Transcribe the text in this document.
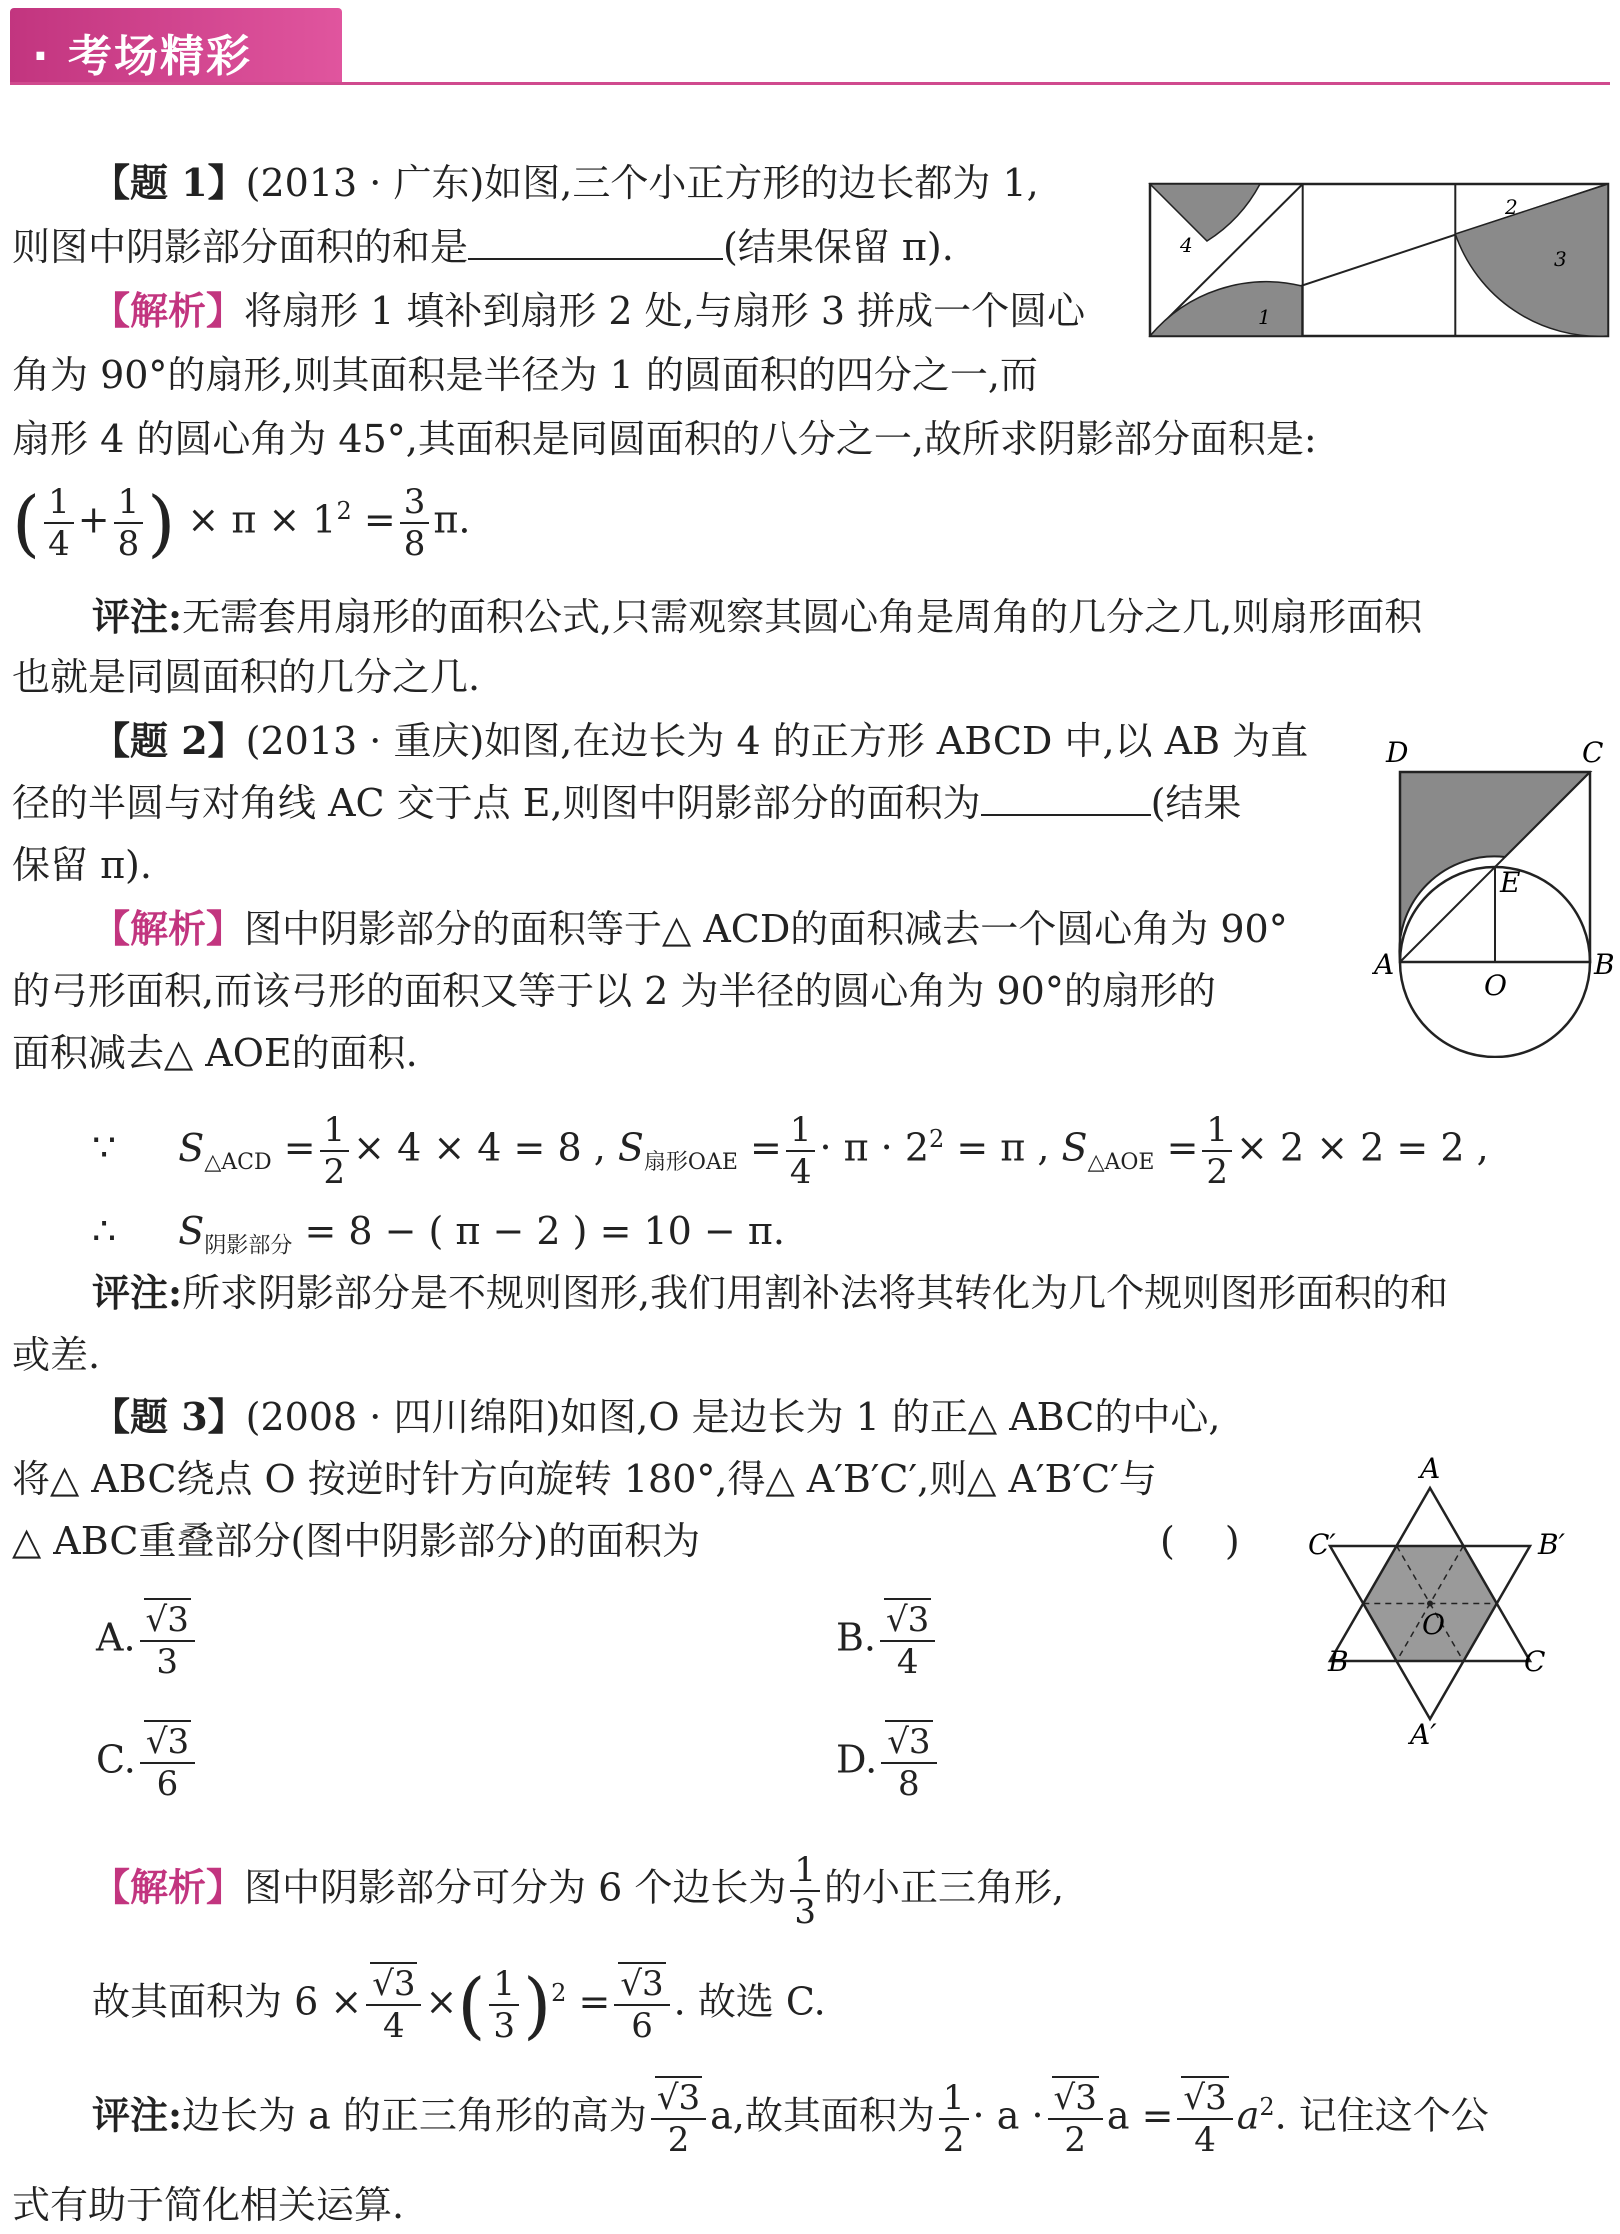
· 考场精彩
【题 1】(2013 · 广东)如图,三个小正方形的边长都为 1,
则图中阴影部分面积的和是	(结果保留 π).
【解析】将扇形 1 填补到扇形 2 处,与扇形 3 拼成一个圆心
角为 90°的扇形,则其面积是半径为 1 的圆面积的四分之一,而
扇形 4 的圆心角为 45°,其面积是同圆面积的八分之一,故所求阴影部分面积是:
( $\frac{1}{4} + \frac{1}{8}$ ) × $\pi \times 1^2 = \frac{3}{8} \pi$.
评注:无需套用扇形的面积公式,只需观察其圆心角是周角的几分之几,则扇形面积
也就是同圆面积的几分之几.
4
1
2
3
【题 2】(2013 · 重庆)如图,在边长为 4 的正方形 ABCD 中,以 AB 为直
径的半圆与对角线 AC 交于点 E,则图中阴影部分的面积为	(结果
保留 π).
【解析】图中阴影部分的面积等于△ ACD的面积减去一个圆心角为 90°
的弓形面积,而该弓形的面积又等于以 2 为半径的圆心角为 90°的扇形的
面积减去△ AOE的面积.
∵ $S_{\triangle ACD} = \frac{1}{2} \times 4 \times 4 = 8$ , $S_{扇形OAE} = \frac{1}{4} \cdot \pi \cdot 2^2 = \pi$ , $S_{\triangle AOE} = \frac{1}{2} \times 2 \times 2 = 2$ ,
∴ $S_{阴影部分} = 8$ − ( π − 2 ) = 10 − π.
评注:所求阴影部分是不规则图形,我们用割补法将其转化为几个规则图形面积的和
或差.
D	C
A	B
E
O
【题 3】(2008 · 四川绵阳)如图,O 是边长为 1 的正△ ABC的中心,
将△ ABC绕点 O 按逆时针方向旋转 180°,得△ A′B′C′,则△ A′B′C′与
△ ABC重叠部分(图中阴影部分)的面积为	(　 )
A. $\frac{√3}{3}$	B. $\frac{√3}{4}$
C. $\frac{√3}{6}$	D. $\frac{√3}{8}$
【解析】图中阴影部分可分为 6 个边长为 $\frac{1}{3}$ 的小正三角形,
故其面积为 $6 \times \frac{√3}{4}$ ×( $\frac{1}{3} )^2 = \frac{√3}{6}$ . 故选 C.
评注:边长为 a 的正三角形的高为 $\frac{√3}{2} a$,故其面积为 $\frac{1}{2} \cdot a \cdot \frac{√3}{2}$ $a = \frac{√3}{4} a^2$. 记住这个公
式有助于简化相关运算.
A
C′	B′
O
B	C
A′
